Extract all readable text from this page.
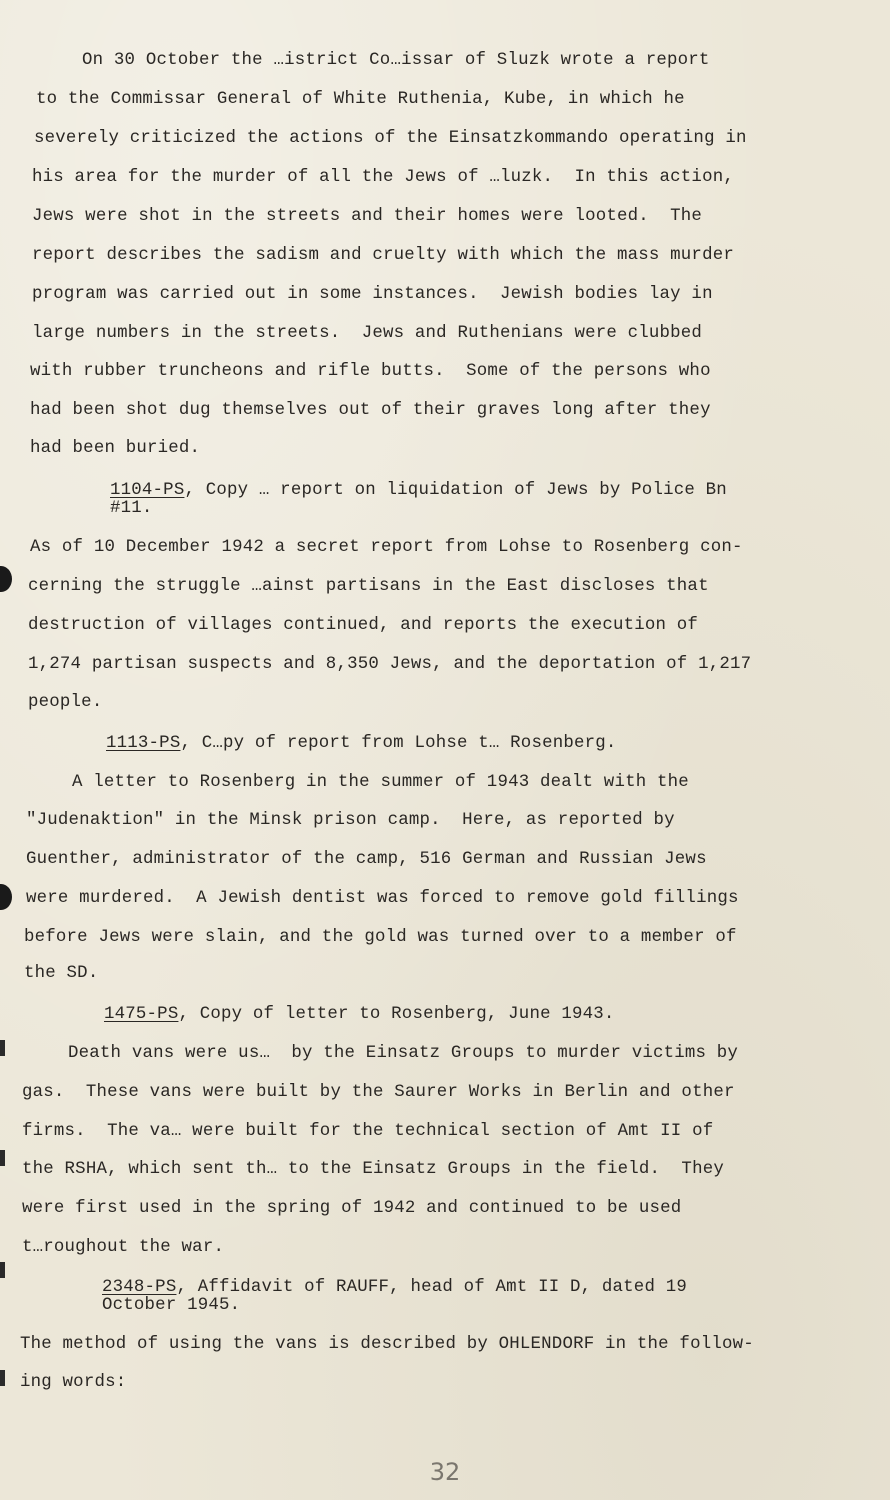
On 30 October the …istrict Co…issar of Sluzk wrote a report
to the Commissar General of White Ruthenia, Kube, in which he
severely criticized the actions of the Einsatzkommando operating in
his area for the murder of all the Jews of …luzk.  In this action,
Jews were shot in the streets and their homes were looted.  The
report describes the sadism and cruelty with which the mass murder
program was carried out in some instances.  Jewish bodies lay in
large numbers in the streets.  Jews and Ruthenians were clubbed
with rubber truncheons and rifle butts.  Some of the persons who
had been shot dug themselves out of their graves long after they
had been buried.
1104-PS, Copy … report on liquidation of Jews by Police Bn
#11.
As of 10 December 1942 a secret report from Lohse to Rosenberg con-
cerning the struggle …ainst partisans in the East discloses that
destruction of villages continued, and reports the execution of
1,274 partisan suspects and 8,350 Jews, and the deportation of 1,217
people.
1113-PS, C…py of report from Lohse t… Rosenberg.
A letter to Rosenberg in the summer of 1943 dealt with the
"Judenaktion" in the Minsk prison camp.  Here, as reported by
Guenther, administrator of the camp, 516 German and Russian Jews
were murdered.  A Jewish dentist was forced to remove gold fillings
before Jews were slain, and the gold was turned over to a member of
the SD.
1475-PS, Copy of letter to Rosenberg, June 1943.
Death vans were us…  by the Einsatz Groups to murder victims by
gas.  These vans were built by the Saurer Works in Berlin and other
firms.  The va… were built for the technical section of Amt II of
the RSHA, which sent th… to the Einsatz Groups in the field.  They
were first used in the spring of 1942 and continued to be used
t…roughout the war.
2348-PS, Affidavit of RAUFF, head of Amt II D, dated 19
October 1945.
The method of using the vans is described by OHLENDORF in the follow-
ing words:
32
